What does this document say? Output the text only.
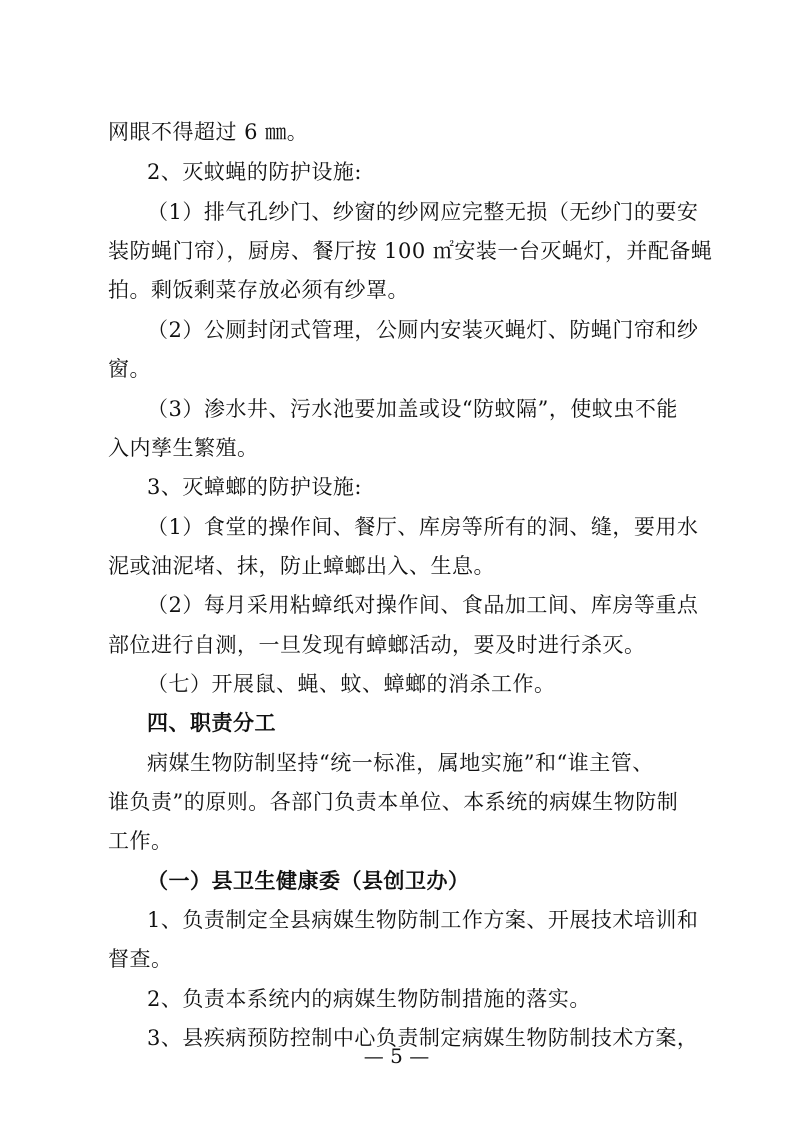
网眼不得超过 6 ㎜。
2、灭蚊蝇的防护设施:
（1）排气孔纱门、纱窗的纱网应完整无损（无纱门的要安
装防蝇门帘），厨房、餐厅按 100 ㎡安装一台灭蝇灯，并配备蝇
拍。剩饭剩菜存放必须有纱罩。
（2）公厕封闭式管理，公厕内安装灭蝇灯、防蝇门帘和纱
窗。
（3）渗水井、污水池要加盖或设“防蚊隔”，使蚊虫不能
入内孳生繁殖。
3、灭蟑螂的防护设施:
（1）食堂的操作间、餐厅、库房等所有的洞、缝，要用水
泥或油泥堵、抹，防止蟑螂出入、生息。
（2）每月采用粘蟑纸对操作间、食品加工间、库房等重点
部位进行自测，一旦发现有蟑螂活动，要及时进行杀灭。
（七）开展鼠、蝇、蚊、蟑螂的消杀工作。
四、职责分工
病媒生物防制坚持“统一标准，属地实施”和“谁主管、
谁负责”的原则。各部门负责本单位、本系统的病媒生物防制
工作。
（一）县卫生健康委（县创卫办）
1、负责制定全县病媒生物防制工作方案、开展技术培训和
督查。
2、负责本系统内的病媒生物防制措施的落实。
3、县疾病预防控制中心负责制定病媒生物防制技术方案，
— 5 —
